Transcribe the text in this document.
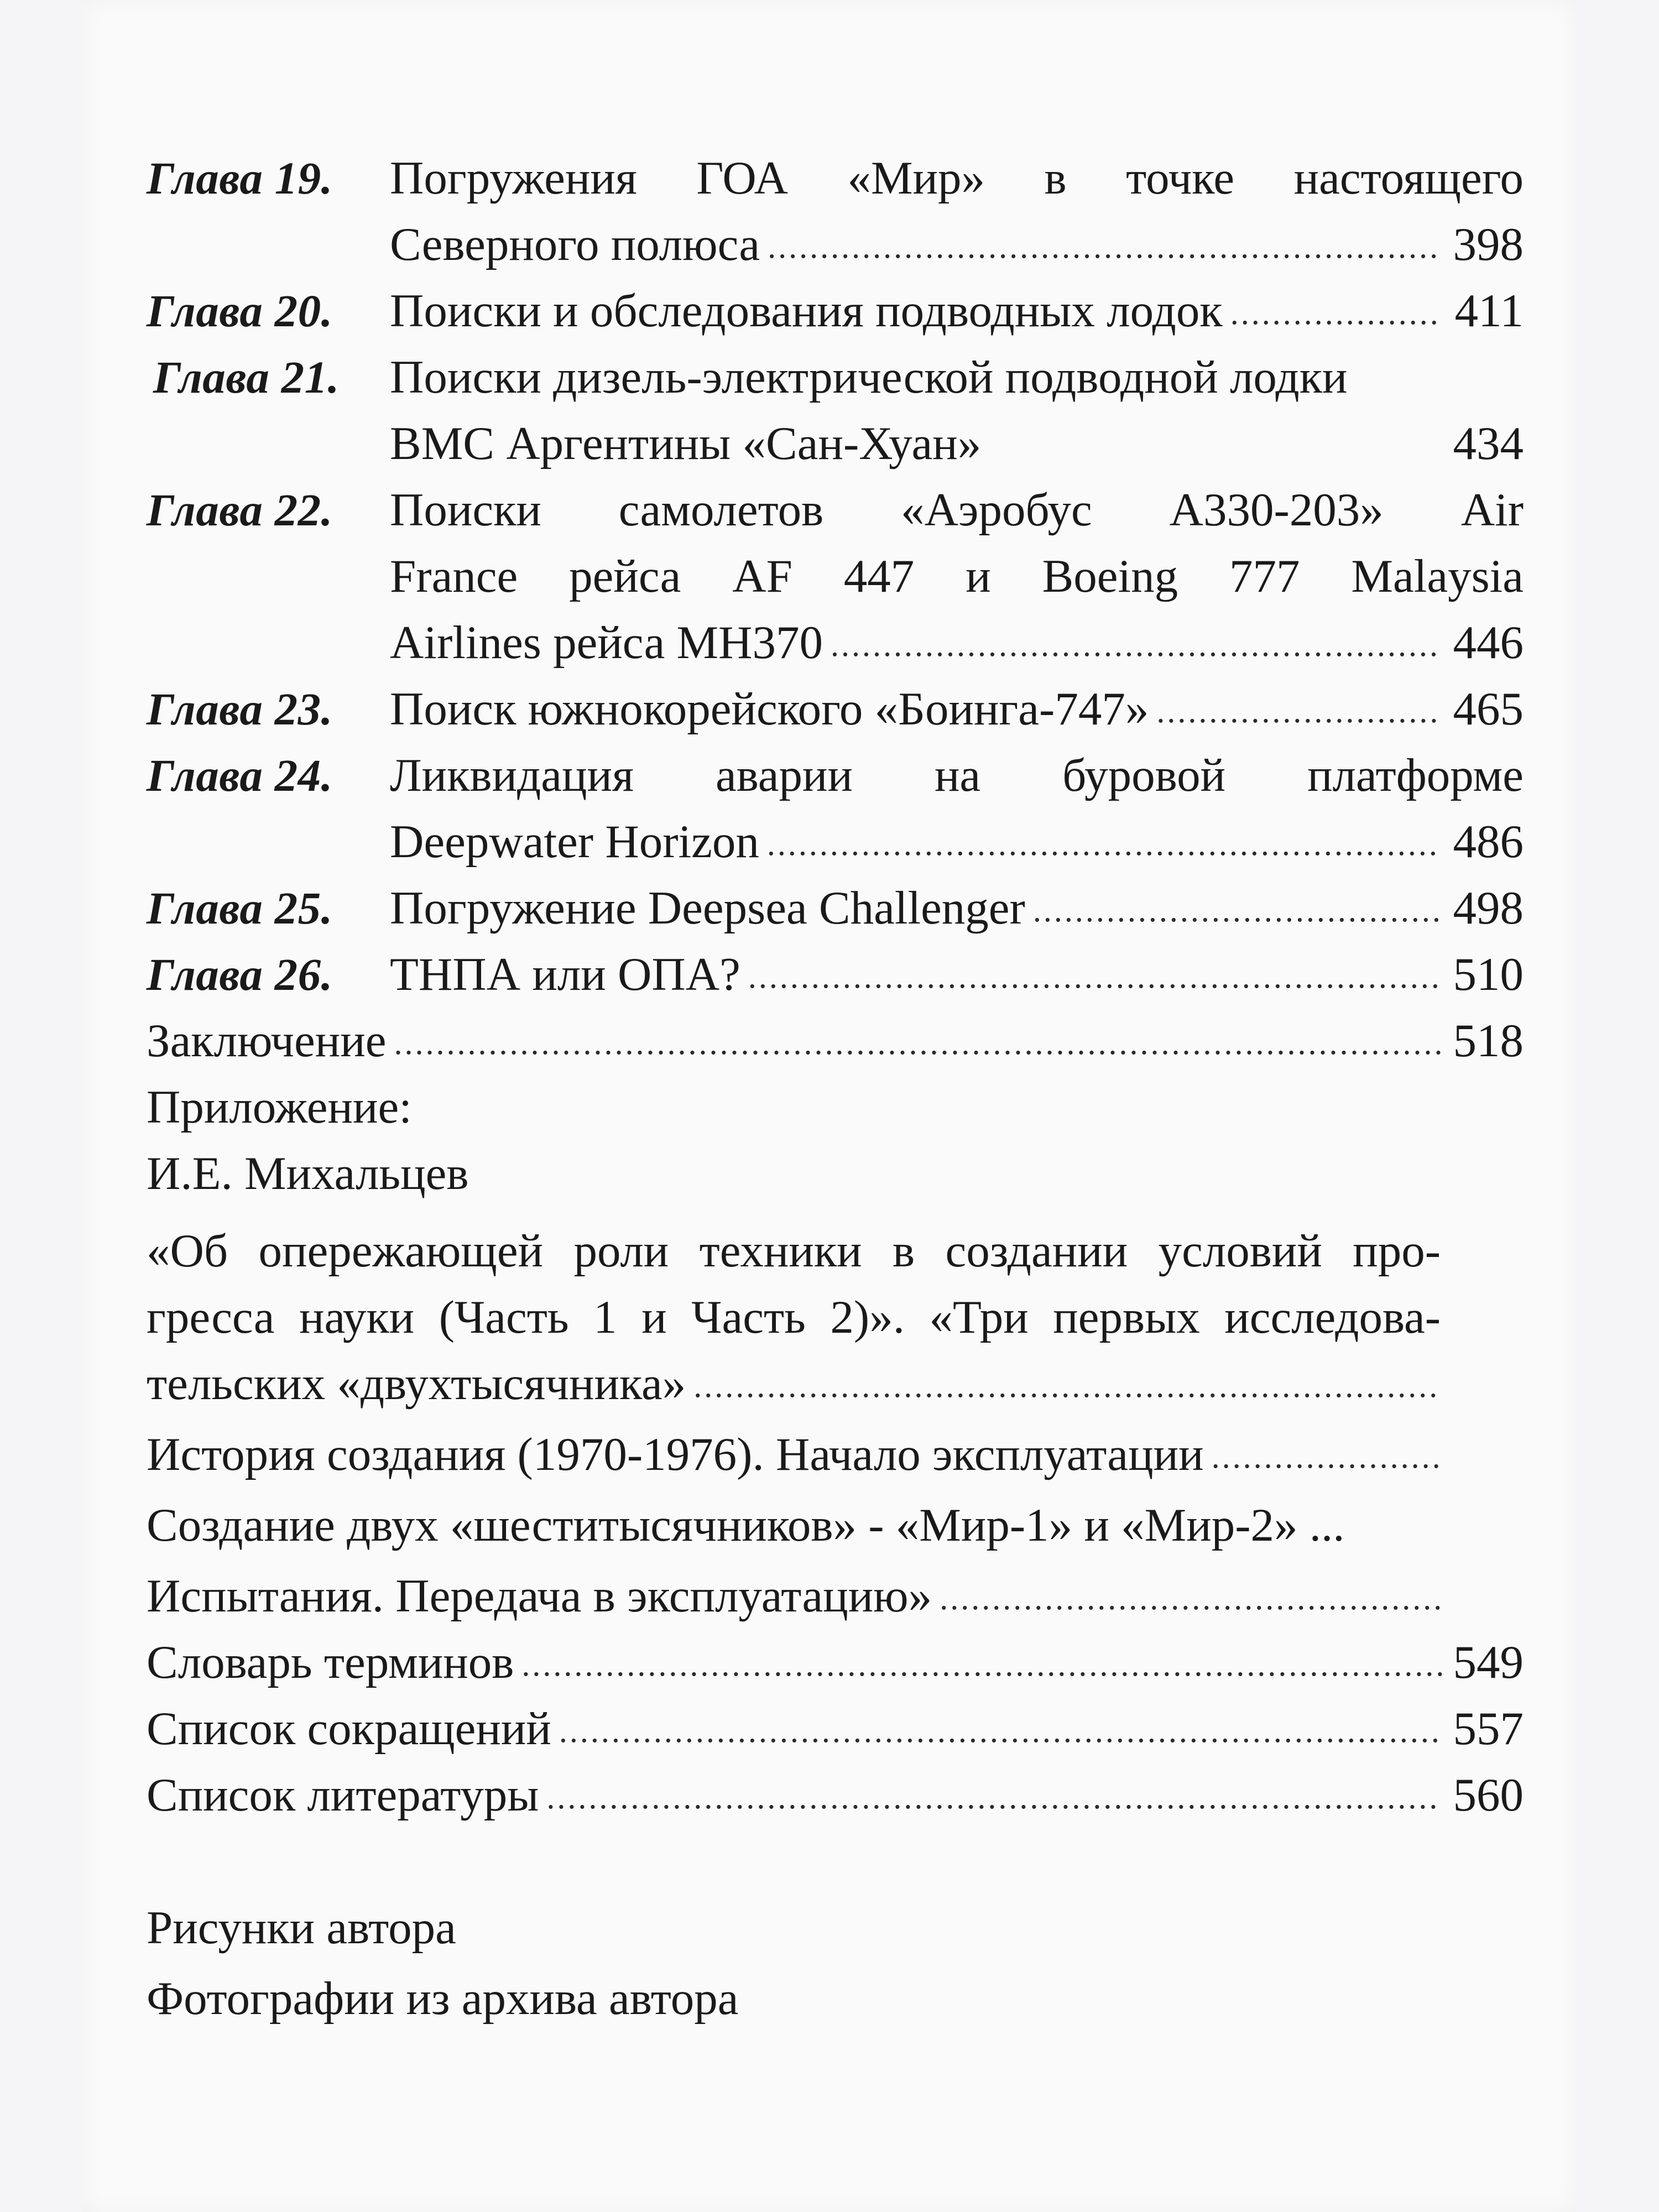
Глава 19.	Погружения ГОА «Мир» в точке настоящего
Северного полюса .....	398
Глава 20.	Поиски и обследования подводных лодок .....	411
Глава 21.	Поиски дизель-электрической подводной лодки
ВМС Аргентины «Сан-Хуан»	434
Глава 22.	Поиски самолетов «Аэробус А330-203» Air
France рейса AF 447 и Boeing 777 Malaysia
Airlines рейса MH370 .....	446
Глава 23.	Поиск южнокорейского «Боинга-747» .....	465
Глава 24.	Ликвидация аварии на буровой платформе
Deepwater Horizon .....	486
Глава 25.	Погружение Deepsea Challenger .....	498
Глава 26.	ТНПА или ОПА? .....	510
Заключение .....	518
Приложение:
И.Е. Михальцев
«Об опережающей роли техники в создании условий про-
гресса науки (Часть 1 и Часть 2)». «Три первых исследова-
тельских «двухтысячника»
.....
История создания (1970-1976). Начало эксплуатации
.....
Создание двух «шеститысячников» - «Мир-1» и «Мир-2» ...
Испытания. Передача в эксплуатацию»
.....
Словарь терминов .....	549
Список сокращений .....	557
Список литературы .....	560
Рисунки автора
Фотографии из архива автора
